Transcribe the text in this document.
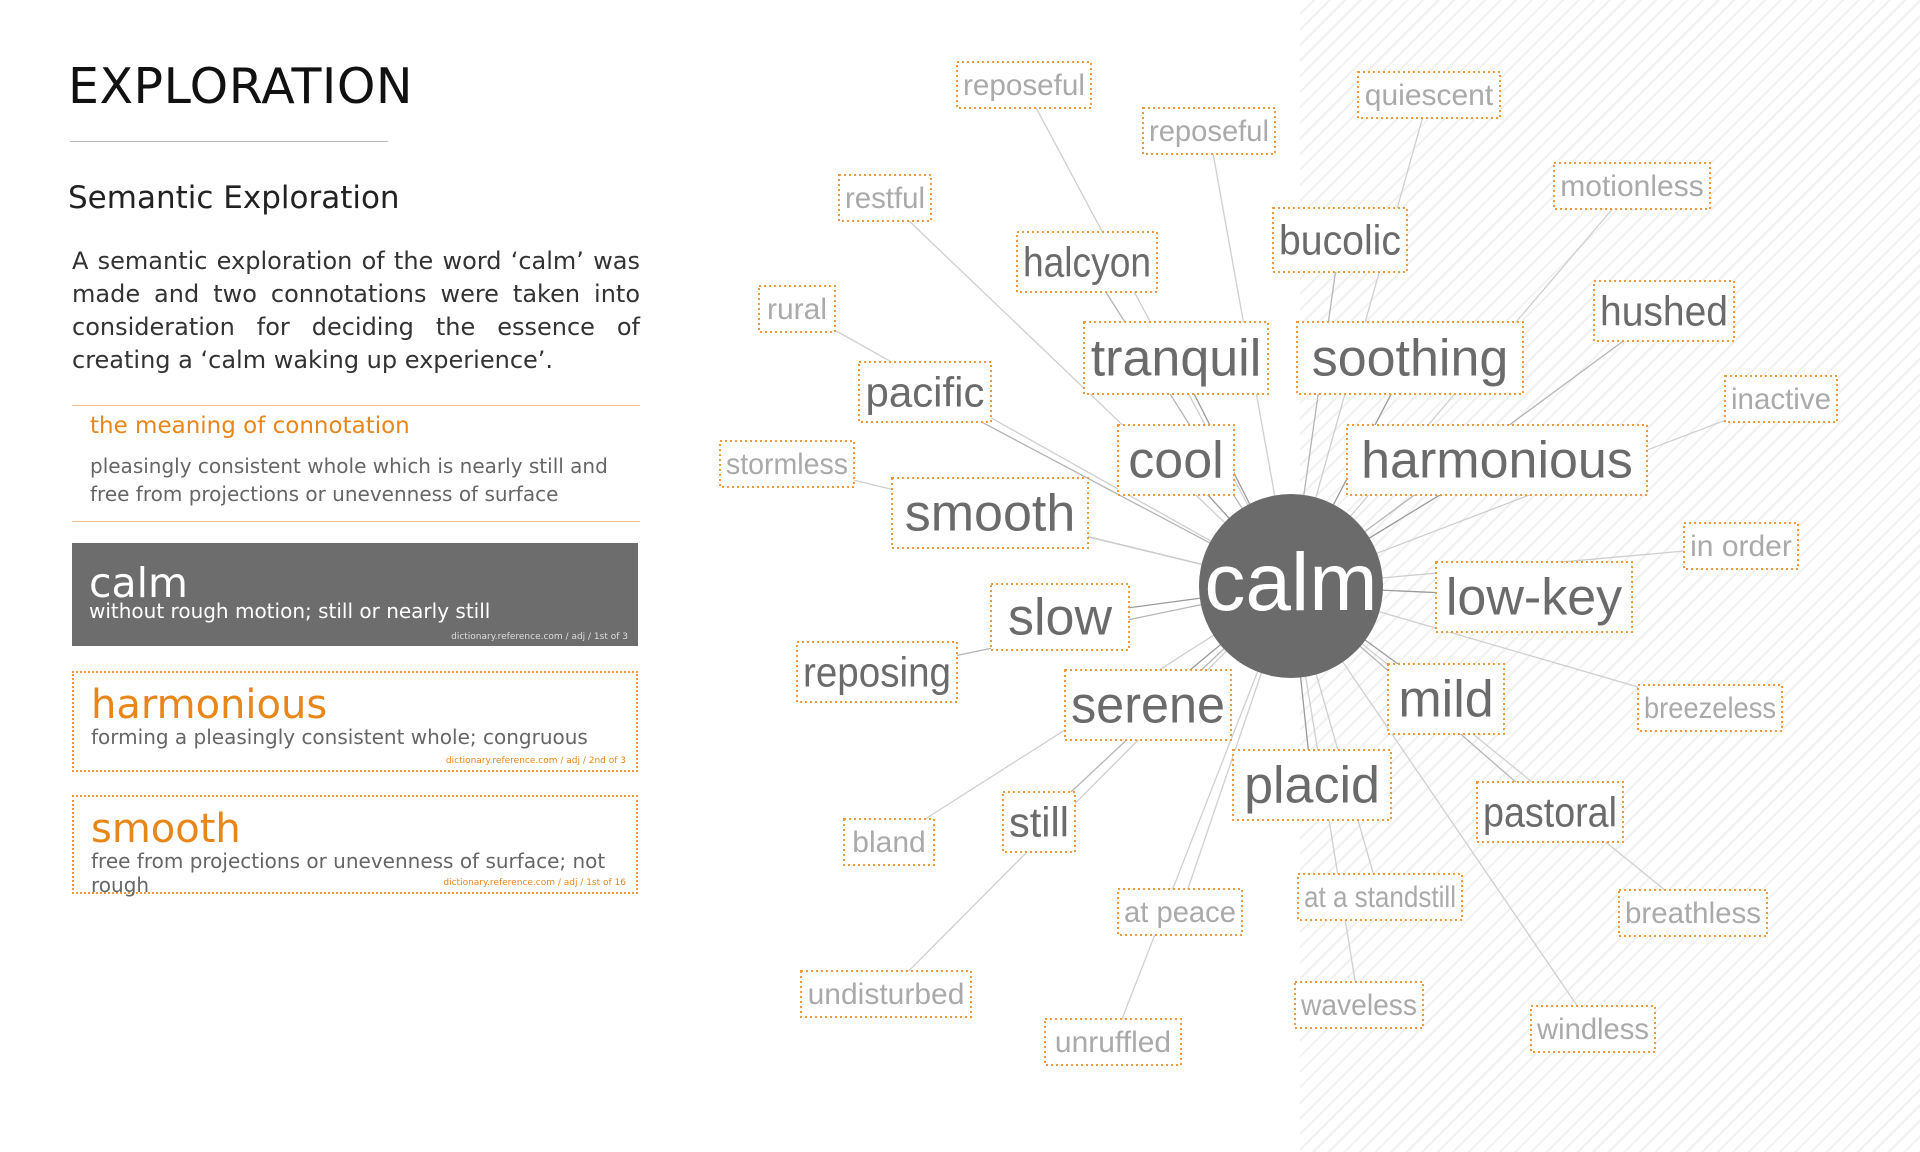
EXPLORATION
Semantic Exploration

A semantic exploration of the word ‘calm’ was made and two connotations were taken into consideration for deciding the essence of creating a ‘calm waking up experience’.

the meaning of connotation
pleasingly consistent whole which is nearly still and free from projections or unevenness of surface
calm
without rough motion; still or nearly still
dictionary.reference.com / adj / 1st of 3
harmonious
forming a pleasingly consistent whole; congruous
dictionary.reference.com / adj / 2nd of 3
smooth
free from projections or unevenness of surface; not rough	dictionary.reference.com / adj / 1st of 16
tranquil soothing
cool	harmonious
smooth
low-key
slow
serene	mild
placid
halcyon	bucolic
pacific
hushed
reposing
still	pastoral
reposeful
reposeful
quiescent
restful	motionless
rural
inactive
stormless
in order
breezeless
bland
at peace at a standstill	breathless
undisturbed	waveless
windless
unruffled
calm
